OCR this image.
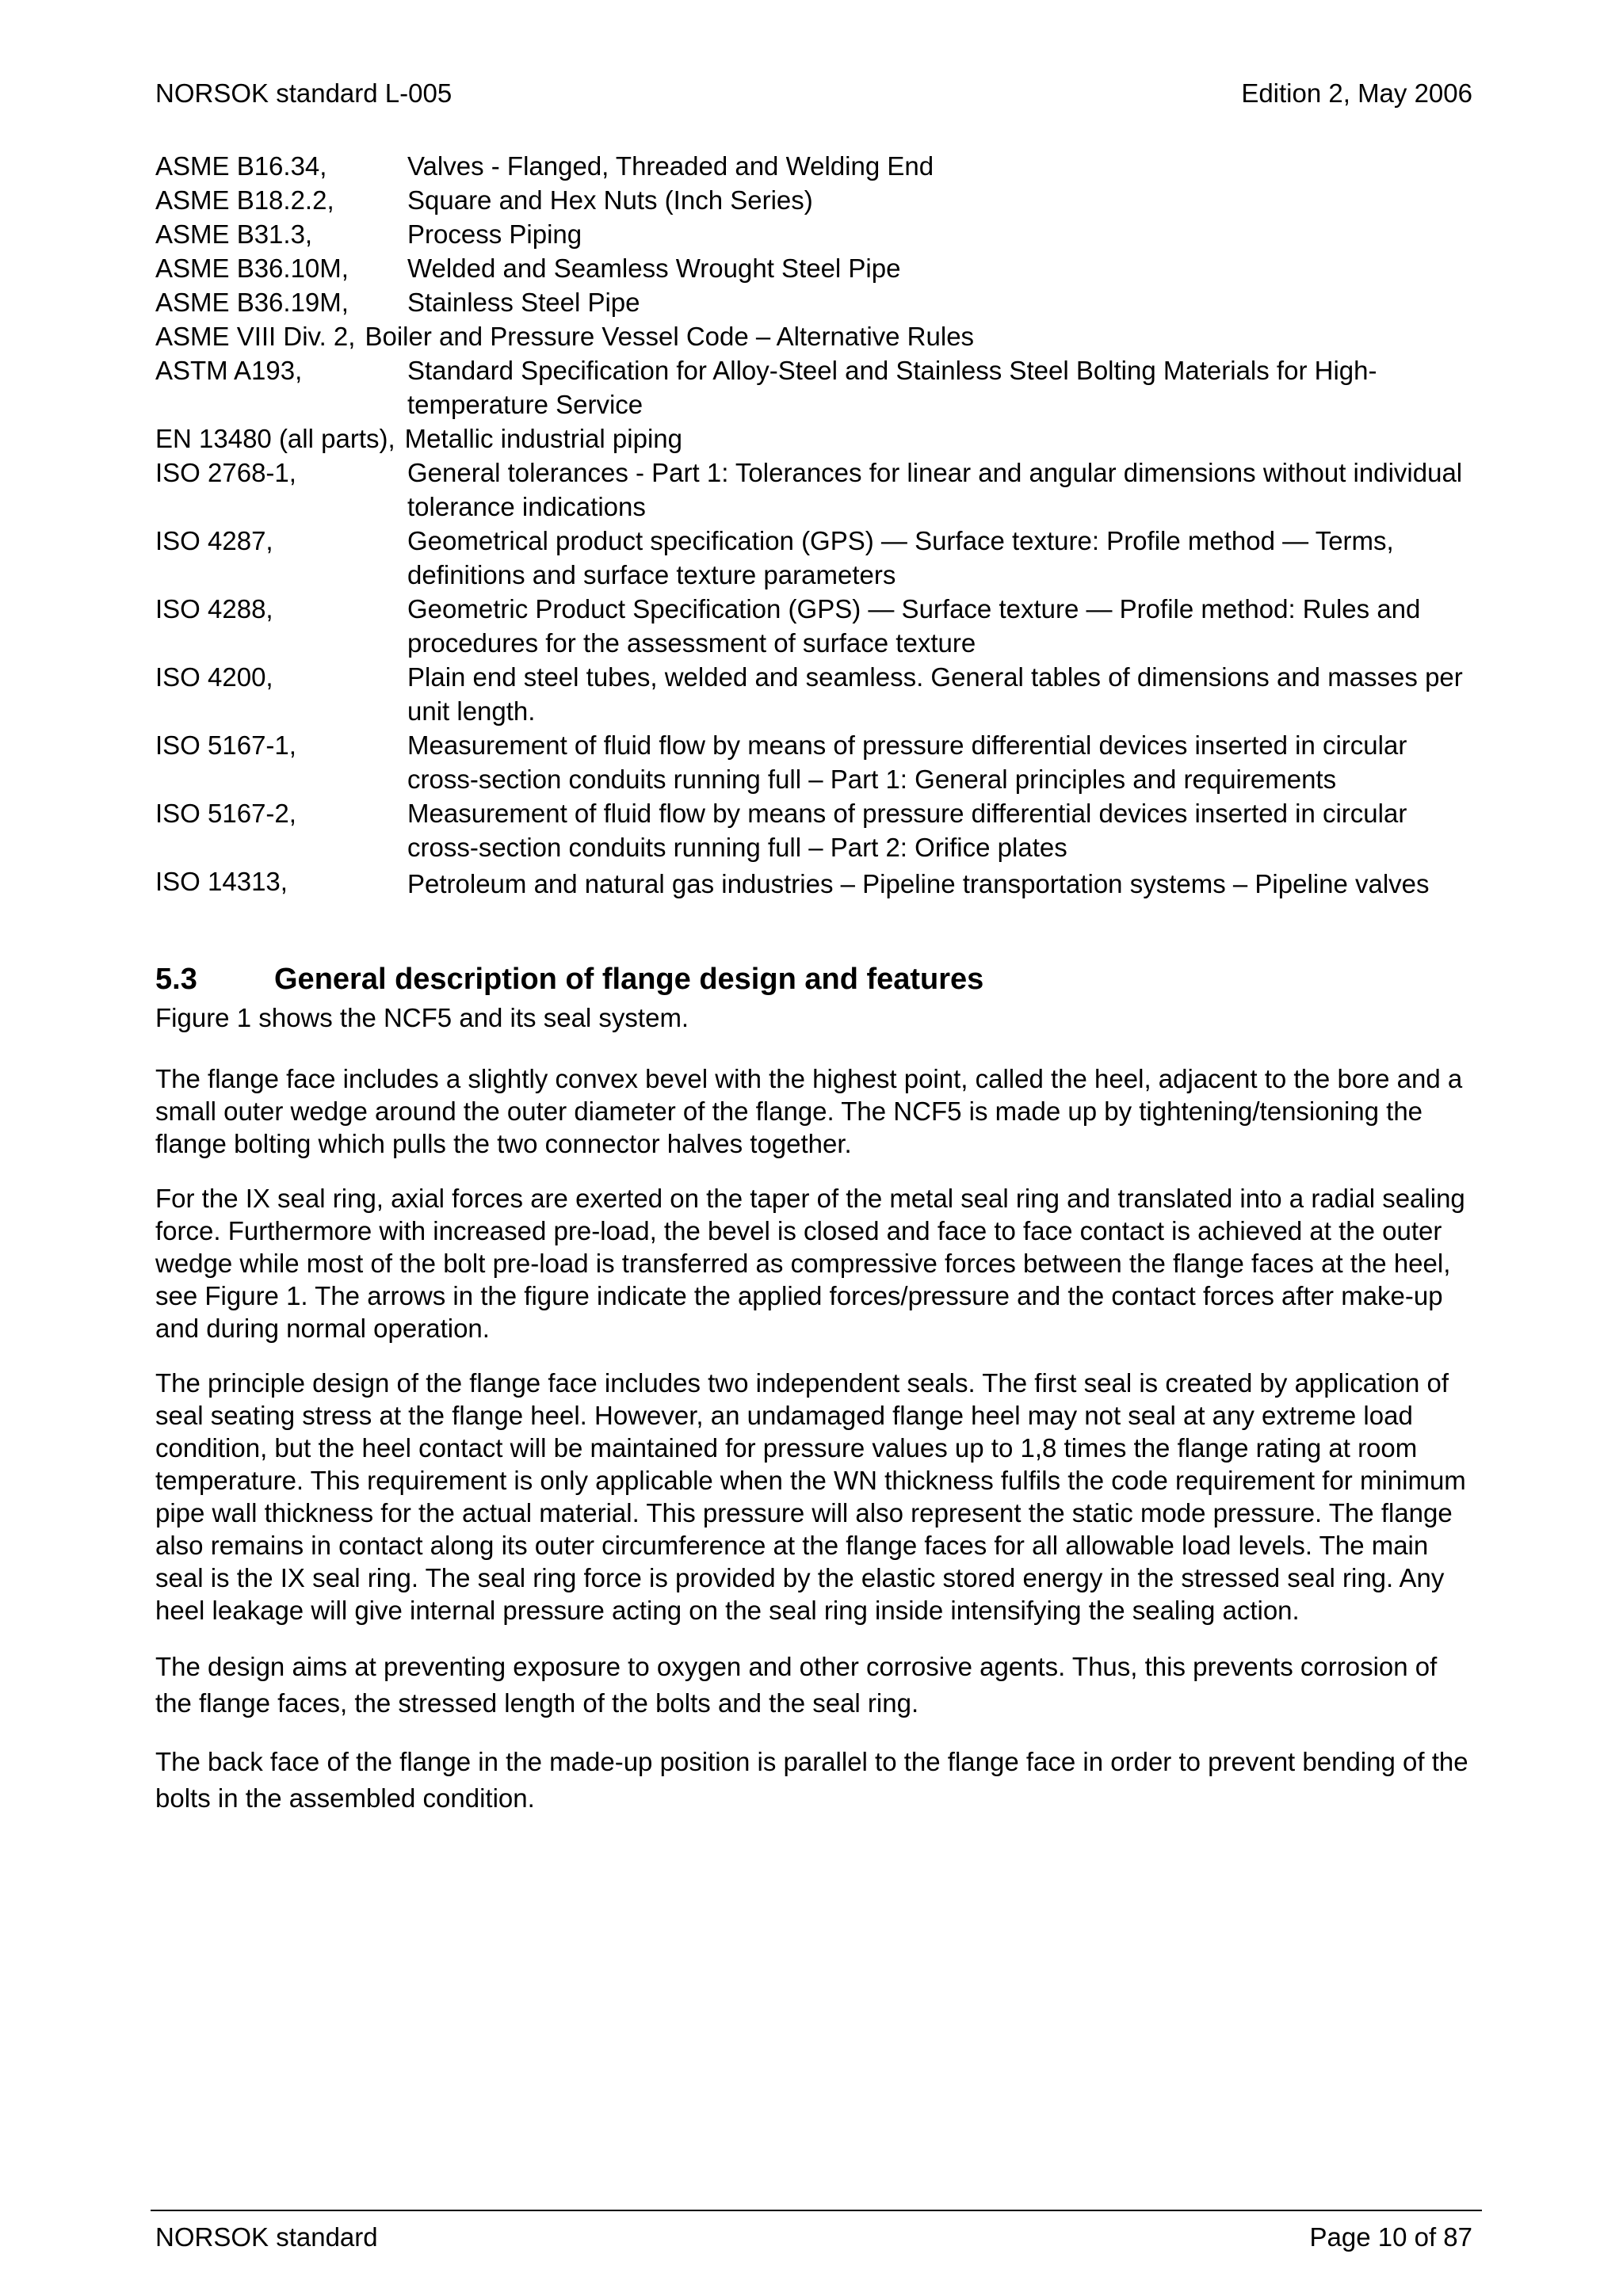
NORSOK standard L-005	Edition 2, May 2006
ASME B16.34,	Valves - Flanged, Threaded and Welding End
ASME B18.2.2,	Square and Hex Nuts (Inch Series)
ASME B31.3,	Process Piping
ASME B36.10M,	Welded and Seamless Wrought Steel Pipe
ASME B36.19M,	Stainless Steel Pipe
ASME VIII Div. 2, Boiler and Pressure Vessel Code – Alternative Rules
ASTM A193,	Standard Specification for Alloy-Steel and Stainless Steel Bolting Materials for High-temperature Service
EN 13480 (all parts), Metallic industrial piping
ISO 2768-1,	General tolerances - Part 1: Tolerances for linear and angular dimensions without individual tolerance indications
ISO 4287,	Geometrical product specification (GPS) — Surface texture: Profile method — Terms, definitions and surface texture parameters
ISO 4288,	Geometric Product Specification (GPS) — Surface texture — Profile method: Rules and procedures for the assessment of surface texture
ISO 4200,	Plain end steel tubes, welded and seamless. General tables of dimensions and masses per unit length.
ISO 5167-1,	Measurement of fluid flow by means of pressure differential devices inserted in circular cross-section conduits running full – Part 1: General principles and requirements
ISO 5167-2,	Measurement of fluid flow by means of pressure differential devices inserted in circular cross-section conduits running full – Part 2: Orifice plates
ISO 14313,	Petroleum and natural gas industries – Pipeline transportation systems – Pipeline valves
5.3	General description of flange design and features

Figure 1 shows the NCF5 and its seal system.

The flange face includes a slightly convex bevel with the highest point, called the heel, adjacent to the bore and a small outer wedge around the outer diameter of the flange. The NCF5 is made up by tightening/tensioning the flange bolting which pulls the two connector halves together.

For the IX seal ring, axial forces are exerted on the taper of the metal seal ring and translated into a radial sealing force. Furthermore with increased pre-load, the bevel is closed and face to face contact is achieved at the outer wedge while most of the bolt pre-load is transferred as compressive forces between the flange faces at the heel, see Figure 1. The arrows in the figure indicate the applied forces/pressure and the contact forces after make-up and during normal operation.

The principle design of the flange face includes two independent seals. The first seal is created by application of seal seating stress at the flange heel. However, an undamaged flange heel may not seal at any extreme load condition, but the heel contact will be maintained for pressure values up to 1,8 times the flange rating at room temperature. This requirement is only applicable when the WN thickness fulfils the code requirement for minimum pipe wall thickness for the actual material. This pressure will also represent the static mode pressure. The flange also remains in contact along its outer circumference at the flange faces for all allowable load levels. The main seal is the IX seal ring. The seal ring force is provided by the elastic stored energy in the stressed seal ring. Any heel leakage will give internal pressure acting on the seal ring inside intensifying the sealing action.

The design aims at preventing exposure to oxygen and other corrosive agents. Thus, this prevents corrosion of the flange faces, the stressed length of the bolts and the seal ring.

The back face of the flange in the made-up position is parallel to the flange face in order to prevent bending of the bolts in the assembled condition.

NORSOK standard	Page 10 of 87
